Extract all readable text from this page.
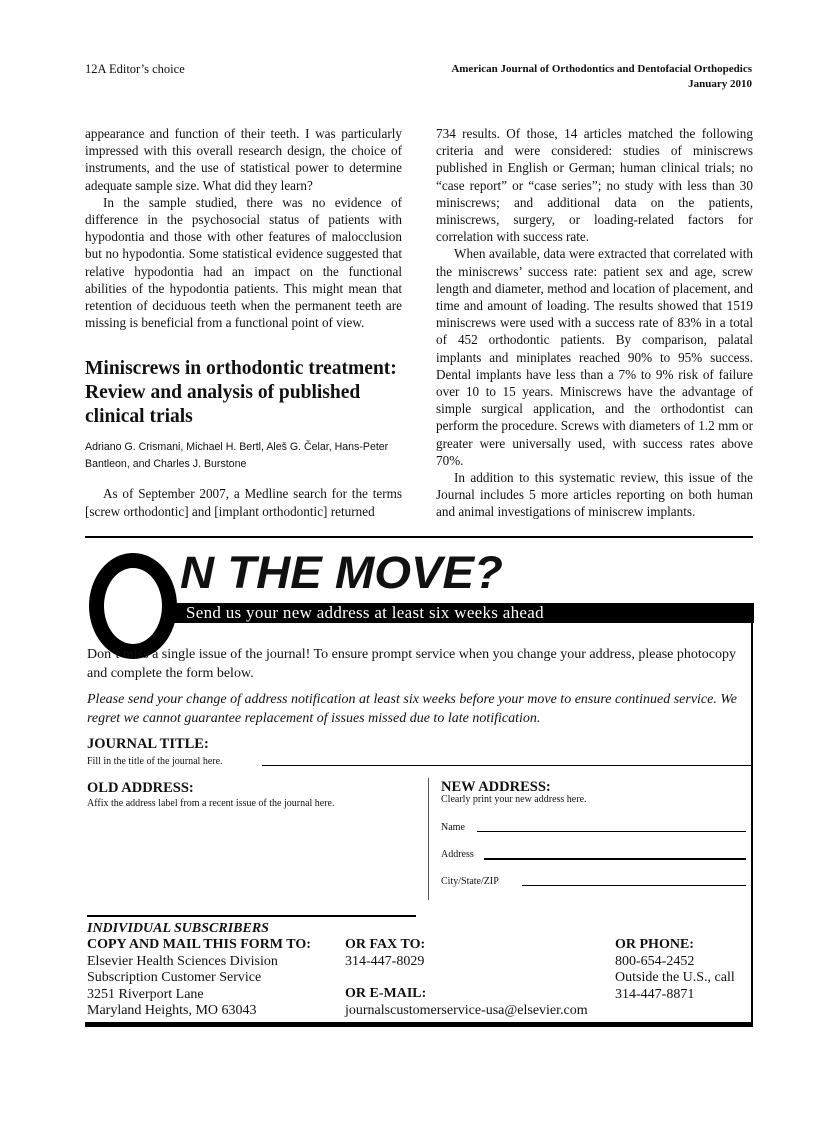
12A Editor’s choice	American Journal of Orthodontics and Dentofacial Orthopedics
January 2010

appearance and function of their teeth. I was particularly impressed with this overall research design, the choice of instruments, and the use of statistical power to determine adequate sample size. What did they learn?

In the sample studied, there was no evidence of difference in the psychosocial status of patients with hypodontia and those with other features of malocclusion but no hypodontia. Some statistical evidence suggested that relative hypodontia had an impact on the functional abilities of the hypodontia patients. This might mean that retention of deciduous teeth when the permanent teeth are missing is beneficial from a functional point of view.

Miniscrews in orthodontic treatment: Review and analysis of published clinical trials

Adriano G. Crismani, Michael H. Bertl, Aleš G. Čelar, Hans-Peter Bantleon, and Charles J. Burstone

As of September 2007, a Medline search for the terms [screw orthodontic] and [implant orthodontic] returned

734 results. Of those, 14 articles matched the following criteria and were considered: studies of miniscrews published in English or German; human clinical trials; no “case report” or “case series”; no study with less than 30 miniscrews; and additional data on the patients, miniscrews, surgery, or loading-related factors for correlation with success rate.

When available, data were extracted that correlated with the miniscrews’ success rate: patient sex and age, screw length and diameter, method and location of placement, and time and amount of loading. The results showed that 1519 miniscrews were used with a success rate of 83% in a total of 452 orthodontic patients. By comparison, palatal implants and miniplates reached 90% to 95% success. Dental implants have less than a 7% to 9% risk of failure over 10 to 15 years. Miniscrews have the advantage of simple surgical application, and the orthodontist can perform the procedure. Screws with diameters of 1.2 mm or greater were universally used, with success rates above 70%.

In addition to this systematic review, this issue of the Journal includes 5 more articles reporting on both human and animal investigations of miniscrew implants.

N THE MOVE?
Send us your new address at least six weeks ahead
Don’t miss a single issue of the journal! To ensure prompt service when you change your address, please photocopy and complete the form below.
Please send your change of address notification at least six weeks before your move to ensure continued service. We regret we cannot guarantee replacement of issues missed due to late notification.
JOURNAL TITLE:
Fill in the title of the journal here.
OLD ADDRESS:
Affix the address label from a recent issue of the journal here.
NEW ADDRESS:
Clearly print your new address here.
Name
Address
City/State/ZIP
INDIVIDUAL SUBSCRIBERS
COPY AND MAIL THIS FORM TO:
Elsevier Health Sciences Division
Subscription Customer Service
3251 Riverport Lane
Maryland Heights, MO 63043
OR FAX TO:
314-447-8029
OR E-MAIL:
journalscustomerservice-usa@elsevier.com
OR PHONE:
800-654-2452
Outside the U.S., call
314-447-8871
